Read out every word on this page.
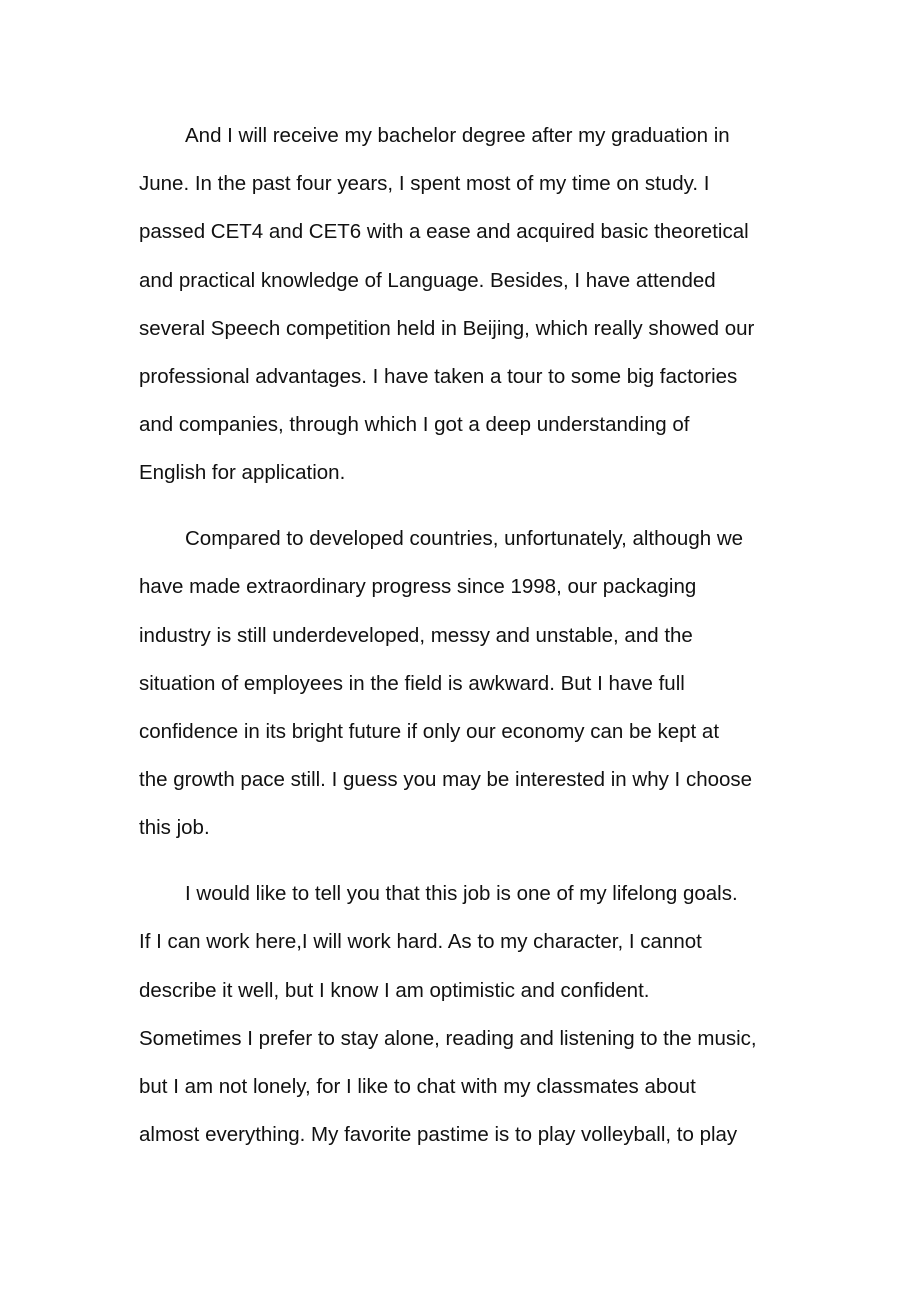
And I will receive my bachelor degree after my graduation in
June. In the past four years, I spent most of my time on study. I
passed CET4 and CET6 with a ease and acquired basic theoretical
and practical knowledge of Language. Besides, I have attended
several Speech competition held in Beijing, which really showed our
professional advantages. I have taken a tour to some big factories
and companies, through which I got a deep understanding of
English for application.
Compared to developed countries, unfortunately, although we
have made extraordinary progress since 1998, our packaging
industry is still underdeveloped, messy and unstable, and the
situation of employees in the field is awkward. But I have full
confidence in its bright future if only our economy can be kept at
the growth pace still. I guess you may be interested in why I choose
this job.
I would like to tell you that this job is one of my lifelong goals.
If I can work here,I will work hard. As to my character, I cannot
describe it well, but I know I am optimistic and confident.
Sometimes I prefer to stay alone, reading and listening to the music,
but I am not lonely, for I like to chat with my classmates about
almost everything. My favorite pastime is to play volleyball, to play
